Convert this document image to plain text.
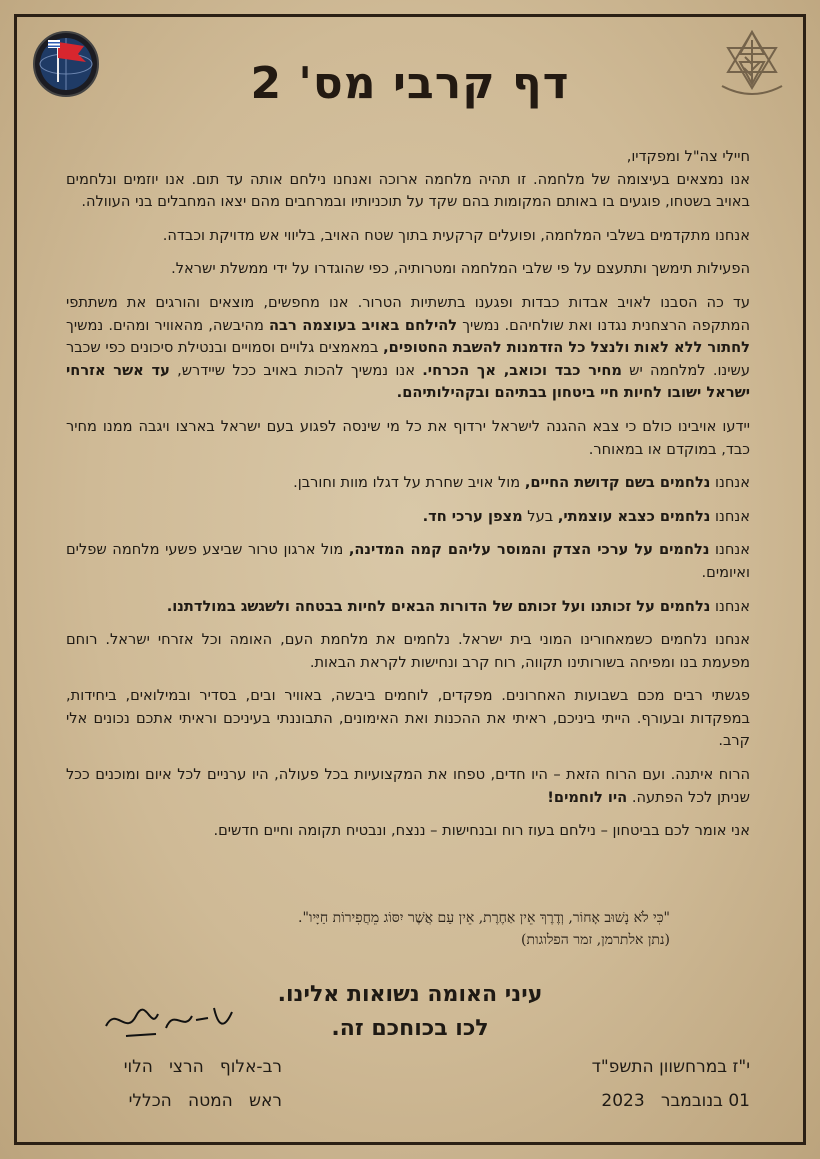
דף קרבי מס' 2

חיילי צה"ל ומפקדיו,

אנו נמצאים בעיצומה של מלחמה. זו תהיה מלחמה ארוכה ואנחנו נילחם אותה עד תום. אנו יוזמים ונלחמים באויב בשטחו, פוגעים בו באותם המקומות בהם שקד על תוכניותיו ובמרחבים מהם יצאו המחבלים בני העוולה.

אנחנו מתקדמים בשלבי המלחמה, ופועלים קרקעית בתוך שטח האויב, בליווי אש מדויקת וכבדה.

הפעילות תימשך ותתעצם על פי שלבי המלחמה ומטרותיה, כפי שהוגדרו על ידי ממשלת ישראל.

עד כה הסבנו לאויב אבדות כבדות ופגענו בתשתיות הטרור. אנו מחפשים, מוצאים והורגים את משתתפי המתקפה הרצחנית נגדנו ואת שולחיהם. נמשיך להילחם באויב בעוצמה רבה מהיבשה, מהאוויר ומהים. נמשיך לחתור ללא לאות ולנצל כל הזדמנות להשבת החטופים, במאמצים גלויים וסמויים ובנטילת סיכונים כפי שכבר עשינו. למלחמה יש מחיר כבד וכואב, אך הכרחי. אנו נמשיך להכות באויב ככל שיידרש, עד אשר אזרחי ישראל ישובו לחיות חיי ביטחון בבתיהם ובקהילותיהם.

יידעו אויבינו כולם כי צבא ההגנה לישראל ירדוף את כל מי שינסה לפגוע בעם ישראל בארצו ויגבה ממנו מחיר כבד, במוקדם או במאוחר.

אנחנו נלחמים בשם קדושת החיים, מול אויב שחרת על דגלו מוות וחורבן.

אנחנו נלחמים כצבא עוצמתי, בעל מצפן ערכי חד.

אנחנו נלחמים על ערכי הצדק והמוסר עליהם קמה המדינה, מול ארגון טרור שביצע פשעי מלחמה שפלים ואיומים.

אנחנו נלחמים על זכותנו ועל זכותם של הדורות הבאים לחיות בבטחה ולשגשג במולדתנו.

אנחנו נלחמים כשמאחורינו המוני בית ישראל. נלחמים את מלחמת העם, האומה וכל אזרחי ישראל. רוחם מפעמת בנו ומפיחה בשורותינו תקווה, רוח קרב ונחישות לקראת הבאות.

פגשתי רבים מכם בשבועות האחרונים. מפקדים, לוחמים ביבשה, באוויר ובים, בסדיר ובמילואים, ביחידות, במפקדות ובעורף. הייתי ביניכם, ראיתי את ההכנות ואת האימונים, התבוננתי בעיניכם וראיתי אתכם נכונים אלי קרב.

הרוח איתנה. ועם הרוח הזאת – היו חדים, טפחו את המקצועיות בכל פעולה, היו ערניים לכל איום ומוכנים ככל שניתן לכל הפתעה. היו לוחמים!

אני אומר לכם בביטחון – נילחם בעוז רוח ובנחישות – ננצח, ונבטיח תקומה וחיים חדשים.

"כִּי לֹא נָשׁוּב אָחוֹר, וְדֶרֶךְ אֵין אַחֶרֶת, אֵין עַם אֲשֶׁר יִסּוֹג מֵחֲפִירוֹת חַיָּיו".
(נתן אלתרמן, זמר הפלוגות)
עיני האומה נשואות אלינו.
לכו בכוחכם זה.
רב-אלוף   הרצי   הלוי
ראש   המטה   הכללי
י"ז במרחשוון התשפ"ד
01 בנובמבר   2023
